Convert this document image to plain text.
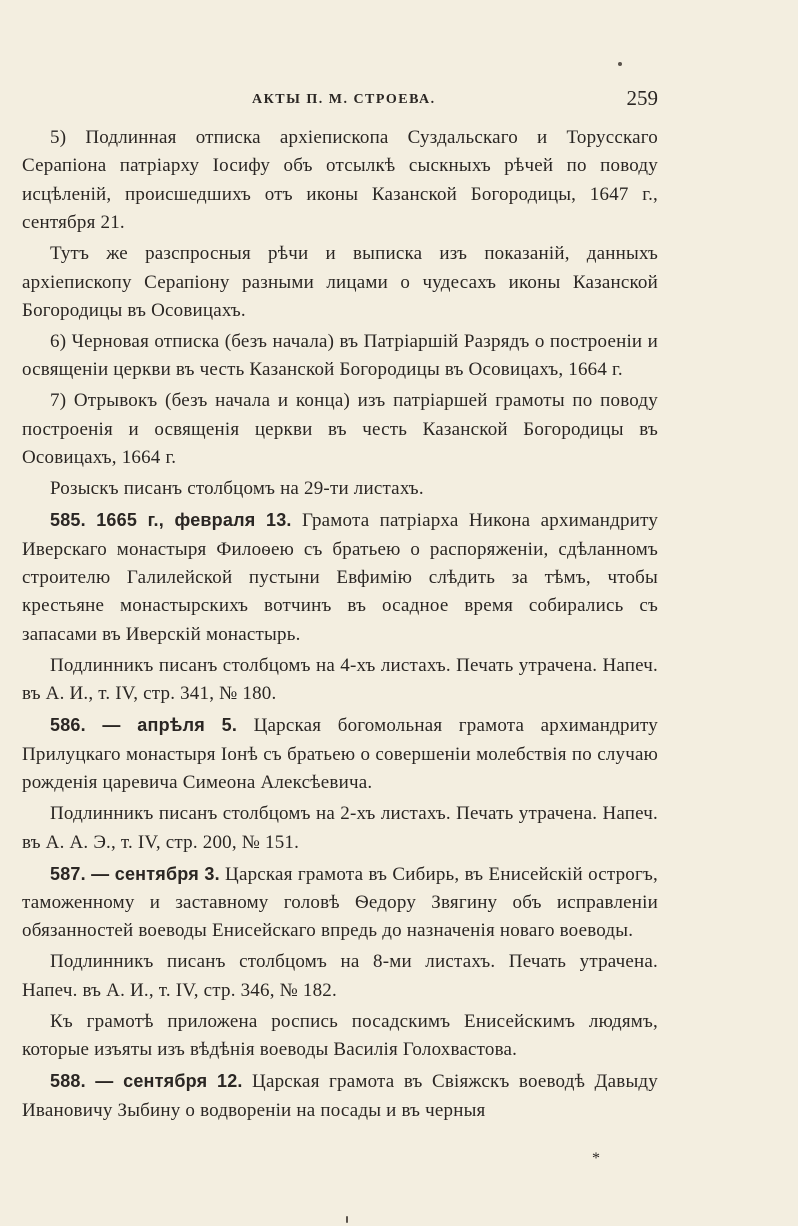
АКТЫ П. М. СТРОЕВА.	259

5) Подлинная отписка архіепископа Суздальскаго и Торусскаго Серапіона патріарху Іосифу объ отсылкѣ сыскныхъ рѣчей по поводу исцѣленій, происшедшихъ отъ иконы Казанской Богородицы, 1647 г., сентября 21.

Тутъ же разспросныя рѣчи и выписка изъ показаній, данныхъ архіепископу Серапіону разными лицами о чудесахъ иконы Казанской Богородицы въ Осовицахъ.

6) Черновая отписка (безъ начала) въ Патріаршій Разрядъ о построеніи и освященіи церкви въ честь Казанской Богородицы въ Осовицахъ, 1664 г.

7) Отрывокъ (безъ начала и конца) изъ патріаршей грамоты по поводу построенія и освященія церкви въ честь Казанской Богородицы въ Осовицахъ, 1664 г.

Розыскъ писанъ столбцомъ на 29-ти листахъ.

585. 1665 г., февраля 13. Грамота патріарха Никона архимандриту Иверскаго монастыря Филоѳею съ братьею о распоряженіи, сдѣланномъ строителю Галилейской пустыни Евфимію слѣдить за тѣмъ, чтобы крестьяне монастырскихъ вотчинъ въ осадное время собирались съ запасами въ Иверскій монастырь.

Подлинникъ писанъ столбцомъ на 4-хъ листахъ. Печать утрачена. Напеч. въ А. И., т. IV, стр. 341, № 180.

586. — апрѣля 5. Царская богомольная грамота архимандриту Прилуцкаго монастыря Іонѣ съ братьею о совершеніи молебствія по случаю рожденія царевича Симеона Алексѣевича.

Подлинникъ писанъ столбцомъ на 2-хъ листахъ. Печать утрачена. Напеч. въ А. А. Э., т. IV, стр. 200, № 151.

587. — сентября 3. Царская грамота въ Сибирь, въ Енисейскій острогъ, таможенному и заставному головѣ Ѳедору Звягину объ исправленіи обязанностей воеводы Енисейскаго впредь до назначенія новаго воеводы.

Подлинникъ писанъ столбцомъ на 8-ми листахъ. Печать утрачена. Напеч. въ А. И., т. IV, стр. 346, № 182.

Къ грамотѣ приложена роспись посадскимъ Енисейскимъ людямъ, которые изъяты изъ вѣдѣнія воеводы Василія Голохвастова.

588. — сентября 12. Царская грамота въ Свіяжскъ воеводѣ Давыду Ивановичу Зыбину о водвореніи на посады и въ черныя

*
